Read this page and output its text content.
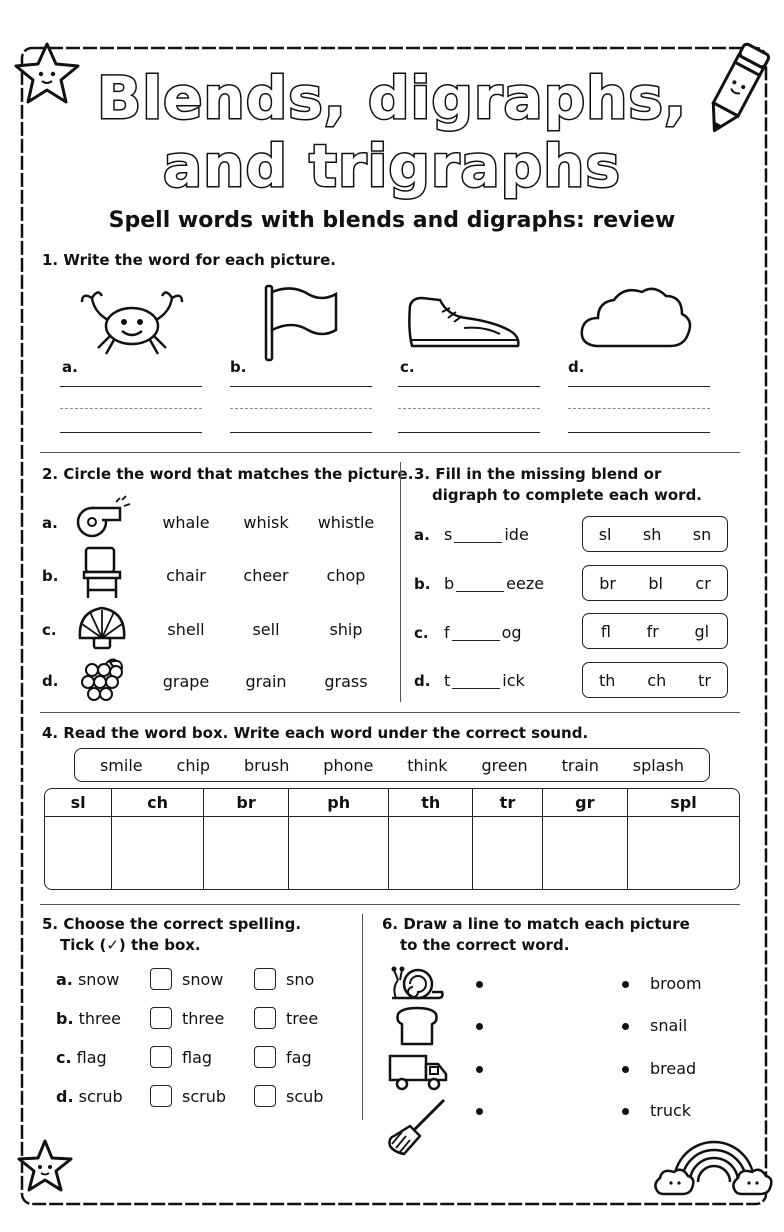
Blends, digraphs,
and trigraphs
Spell words with blends and digraphs: review
1. Write the word for each picture.
a.	b.	c.	d.
2. Circle the word that matches the picture.
a.	whale	whisk	whistle
b.	chair	cheer	chop
c.	shell	sell	ship
d.	grape	grain	grass
3. Fill in the missing blend or
digraph to complete each word.
a. s	ide	sl sh sn
b. b	eeze	br bl cr
c. f	og	fl fr gl
d. t	ick	th ch tr
4. Read the word box. Write each word under the correct sound.
smile chip brush phone think green train splash
sl	ch	br	ph	th	tr	gr	spl

5. Choose the correct spelling.
Tick (✓) the box.
a. snow	snow	sno
b. three	three	tree
c. flag	flag	fag
d. scrub	scrub	scub
6. Draw a line to match each picture
to the correct word.
broom
snail
bread
truck
